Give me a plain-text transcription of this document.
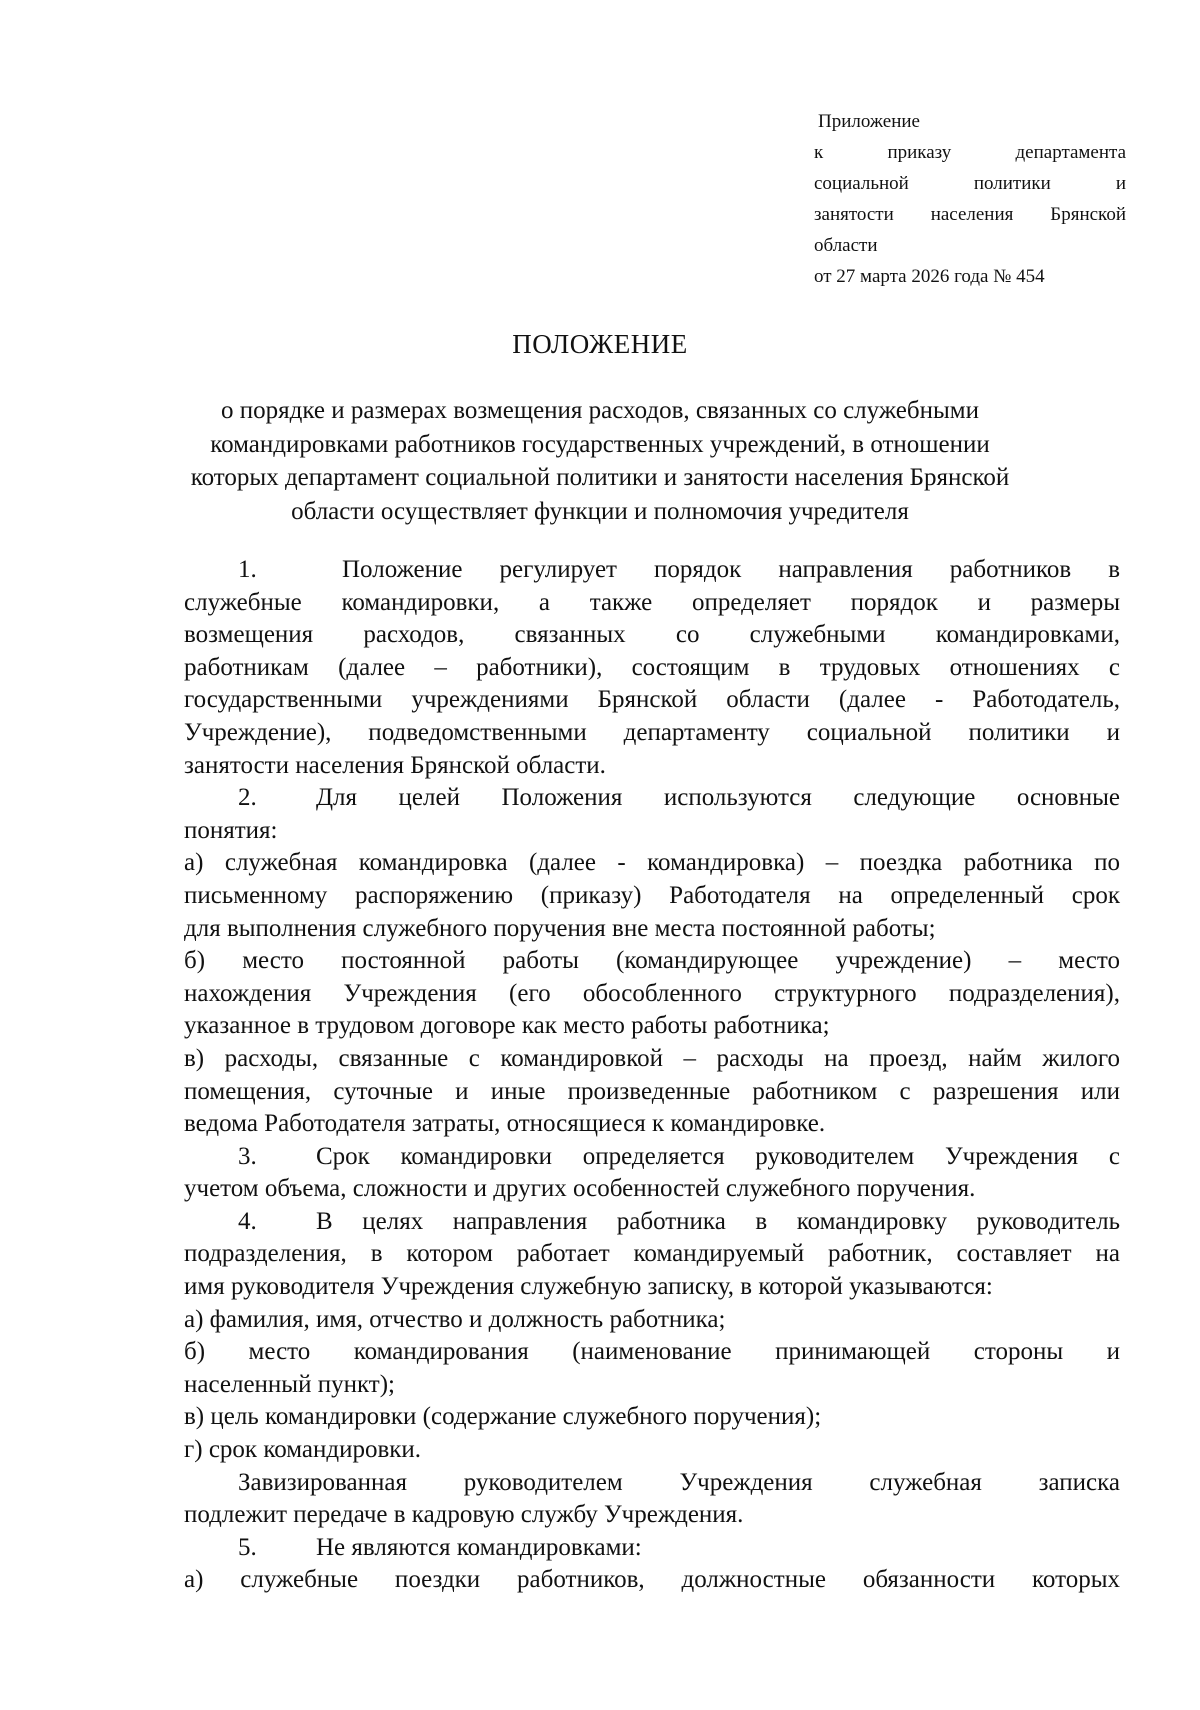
Приложение
к приказу департамента
социальной политики и
занятости населения Брянской
области
от 27 марта 2026 года № 454
ПОЛОЖЕНИЕ
о порядке и размерах возмещения расходов, связанных со служебными
командировками работников государственных учреждений, в отношении
которых департамент социальной политики и занятости населения Брянской
области осуществляет функции и полномочия учредителя
1.	Положение регулирует порядок направления работников в
служебные командировки, а также определяет порядок и размеры
возмещения расходов, связанных со служебными командировками,
работникам (далее – работники), состоящим в трудовых отношениях с
государственными учреждениями Брянской области (далее - Работодатель,
Учреждение), подведомственными департаменту социальной политики и
занятости населения Брянской области.
2. Для целей Положения используются следующие основные
понятия:
а) служебная командировка (далее - командировка) – поездка работника по
письменному распоряжению (приказу) Работодателя на определенный срок
для выполнения служебного поручения вне места постоянной работы;
б) место постоянной работы (командирующее учреждение) – место
нахождения Учреждения (его обособленного структурного подразделения),
указанное в трудовом договоре как место работы работника;
в) расходы, связанные с командировкой – расходы на проезд, найм жилого
помещения, суточные и иные произведенные работником с разрешения или
ведома Работодателя затраты, относящиеся к командировке.
3. Срок командировки определяется руководителем Учреждения с
учетом объема, сложности и других особенностей служебного поручения.
4. В целях направления работника в командировку руководитель
подразделения, в котором работает командируемый работник, составляет на
имя руководителя Учреждения служебную записку, в которой указываются:
а) фамилия, имя, отчество и должность работника;
б) место командирования (наименование принимающей стороны и
населенный пункт);
в) цель командировки (содержание служебного поручения);
г) срок командировки.
Завизированная руководителем Учреждения служебная записка
подлежит передаче в кадровую службу Учреждения.
5. Не являются командировками:
а) служебные поездки работников, должностные обязанности которых
